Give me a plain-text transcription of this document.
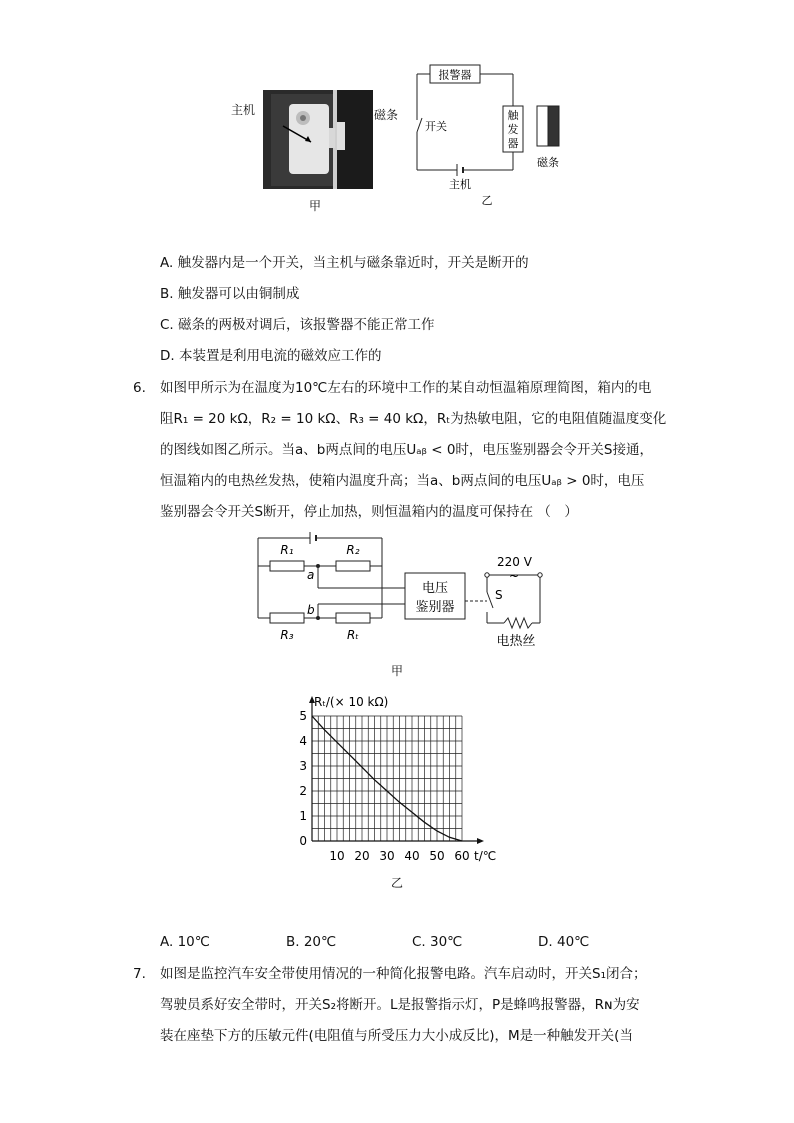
主机	磁条
甲
报警器
开关
触
发
器
主机
磁条
乙
A. 触发器内是一个开关，当主机与磁条靠近时，开关是断开的
B. 触发器可以由铜制成
C. 磁条的两极对调后，该报警器不能正常工作
D. 本装置是利用电流的磁效应工作的
6. 如图甲所示为在温度为10℃左右的环境中工作的某自动恒温箱原理简图，箱内的电
阻R₁ = 20 kΩ，R₂ = 10 kΩ、R₃ = 40 kΩ，Rₜ为热敏电阻，它的电阻值随温度变化
的图线如图乙所示。当a、b两点间的电压Uₐᵦ < 0时，电压鉴别器会令开关S接通，
恒温箱内的电热丝发热，使箱内温度升高；当a、b两点间的电压Uₐᵦ > 0时，电压
鉴别器会令开关S断开，停止加热，则恒温箱内的温度可保持在 （　）
R₁	R₂
R₃	Rₜ
a
b
电压
鉴别器
220 V
~
S
电热丝
甲
10 20 30 40 50 60
0
1
2
3
4
5
Rₜ/(× 10 kΩ)
t/℃
乙
A. 10℃	B. 20℃	C. 30℃	D. 40℃
7. 如图是监控汽车安全带使用情况的一种简化报警电路。汽车启动时，开关S₁闭合；
驾驶员系好安全带时，开关S₂将断开。L是报警指示灯，P是蜂鸣报警器，Rɴ为安
装在座垫下方的压敏元件(电阻值与所受压力大小成反比)，M是一种触发开关(当
